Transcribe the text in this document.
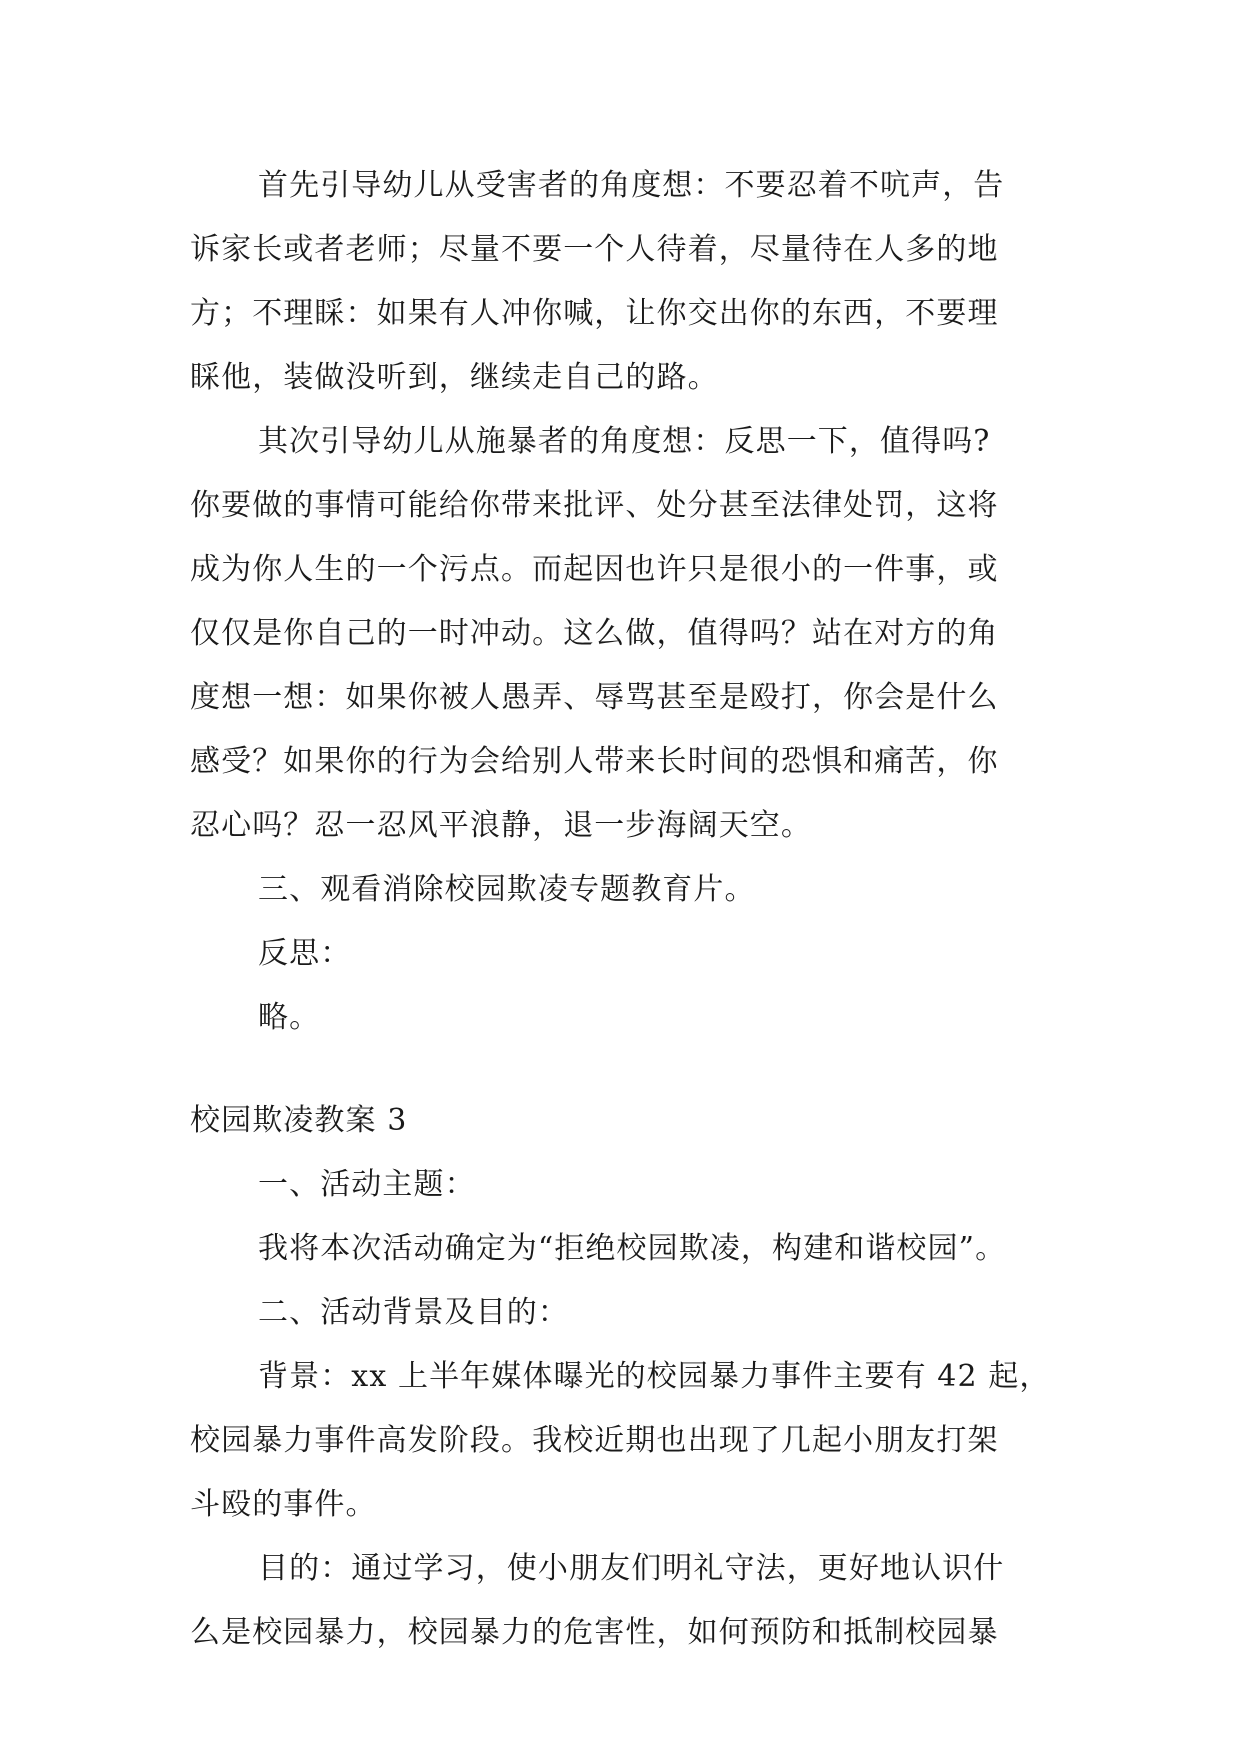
首先引导幼儿从受害者的角度想：不要忍着不吭声，告
诉家长或者老师；尽量不要一个人待着，尽量待在人多的地
方；不理睬：如果有人冲你喊，让你交出你的东西，不要理
睬他，装做没听到，继续走自己的路。
其次引导幼儿从施暴者的角度想：反思一下，值得吗?
你要做的事情可能给你带来批评、处分甚至法律处罚，这将
成为你人生的一个污点。而起因也许只是很小的一件事，或
仅仅是你自己的一时冲动。这么做，值得吗？站在对方的角
度想一想：如果你被人愚弄、辱骂甚至是殴打，你会是什么
感受？如果你的行为会给别人带来长时间的恐惧和痛苦，你
忍心吗？忍一忍风平浪静，退一步海阔天空。
三、观看消除校园欺凌专题教育片。
反思：
略。
校园欺凌教案 3
一、活动主题：
我将本次活动确定为“拒绝校园欺凌，构建和谐校园”。
二、活动背景及目的：
背景：xx 上半年媒体曝光的校园暴力事件主要有 42 起，
校园暴力事件高发阶段。我校近期也出现了几起小朋友打架
斗殴的事件。
目的：通过学习，使小朋友们明礼守法，更好地认识什
么是校园暴力，校园暴力的危害性，如何预防和抵制校园暴
